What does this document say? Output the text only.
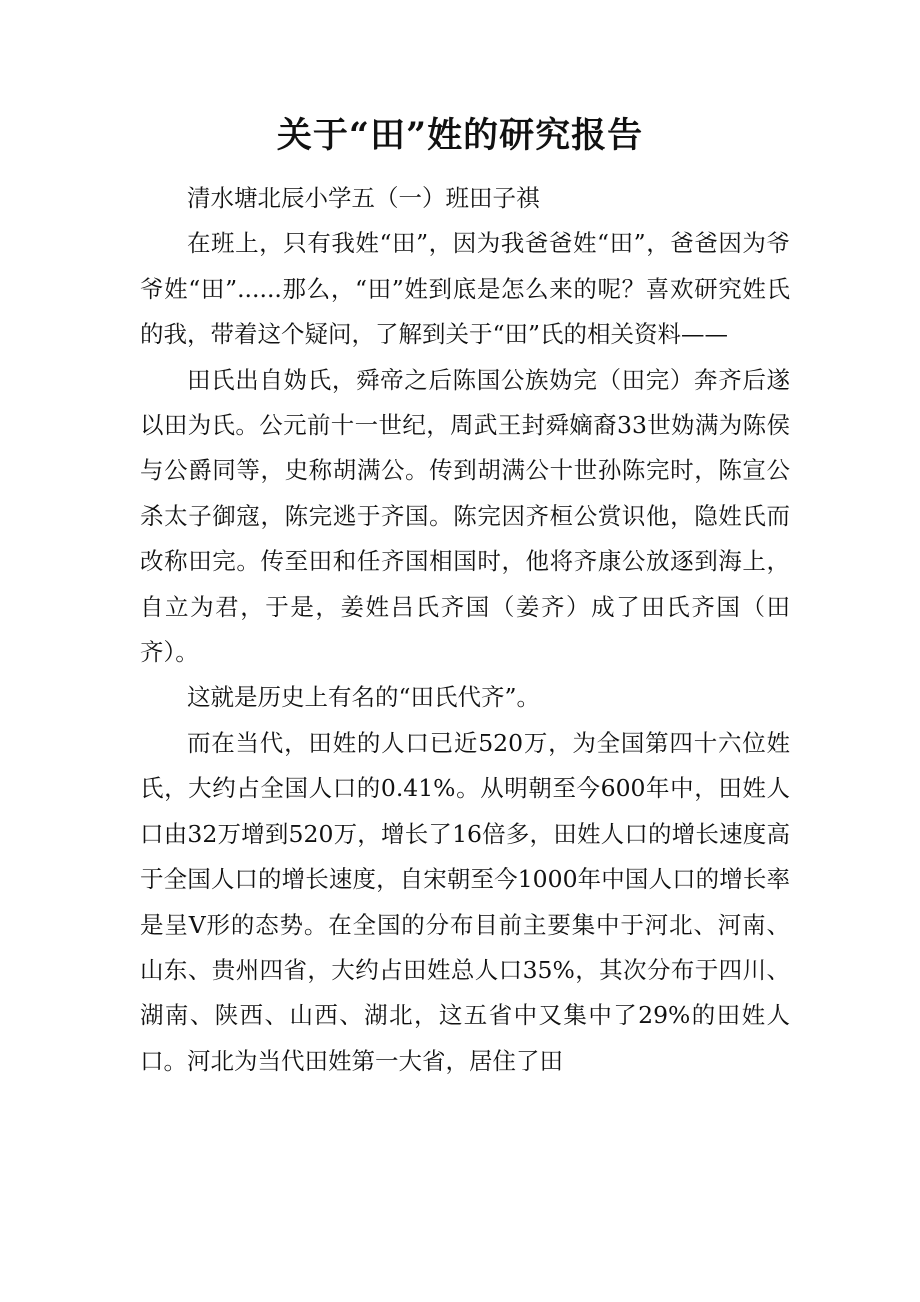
关于“田”姓的研究报告

清水塘北辰小学五（一）班田子祺

在班上，只有我姓“田”，因为我爸爸姓“田”，爸爸因为爷爷姓“田”......那么，“田”姓到底是怎么来的呢？喜欢研究姓氏的我，带着这个疑问，了解到关于“田”氏的相关资料——

田氏出自妫氏，舜帝之后陈国公族妫完（田完）奔齐后遂以田为氏。公元前十一世纪，周武王封舜嫡裔33世妫满为陈侯与公爵同等，史称胡满公。传到胡满公十世孙陈完时，陈宣公杀太子御寇，陈完逃于齐国。陈完因齐桓公赏识他，隐姓氏而改称田完。传至田和任齐国相国时，他将齐康公放逐到海上，自立为君，于是，姜姓吕氏齐国（姜齐）成了田氏齐国（田齐）。

这就是历史上有名的“田氏代齐”。

而在当代，田姓的人口已近520万，为全国第四十六位姓氏，大约占全国人口的0.41%。从明朝至今600年中，田姓人口由32万增到520万，增长了16倍多，田姓人口的增长速度高于全国人口的增长速度，自宋朝至今1000年中国人口的增长率是呈V形的态势。在全国的分布目前主要集中于河北、河南、山东、贵州四省，大约占田姓总人口35%，其次分布于四川、湖南、陕西、山西、湖北，这五省中又集中了29%的田姓人口。河北为当代田姓第一大省，居住了田
